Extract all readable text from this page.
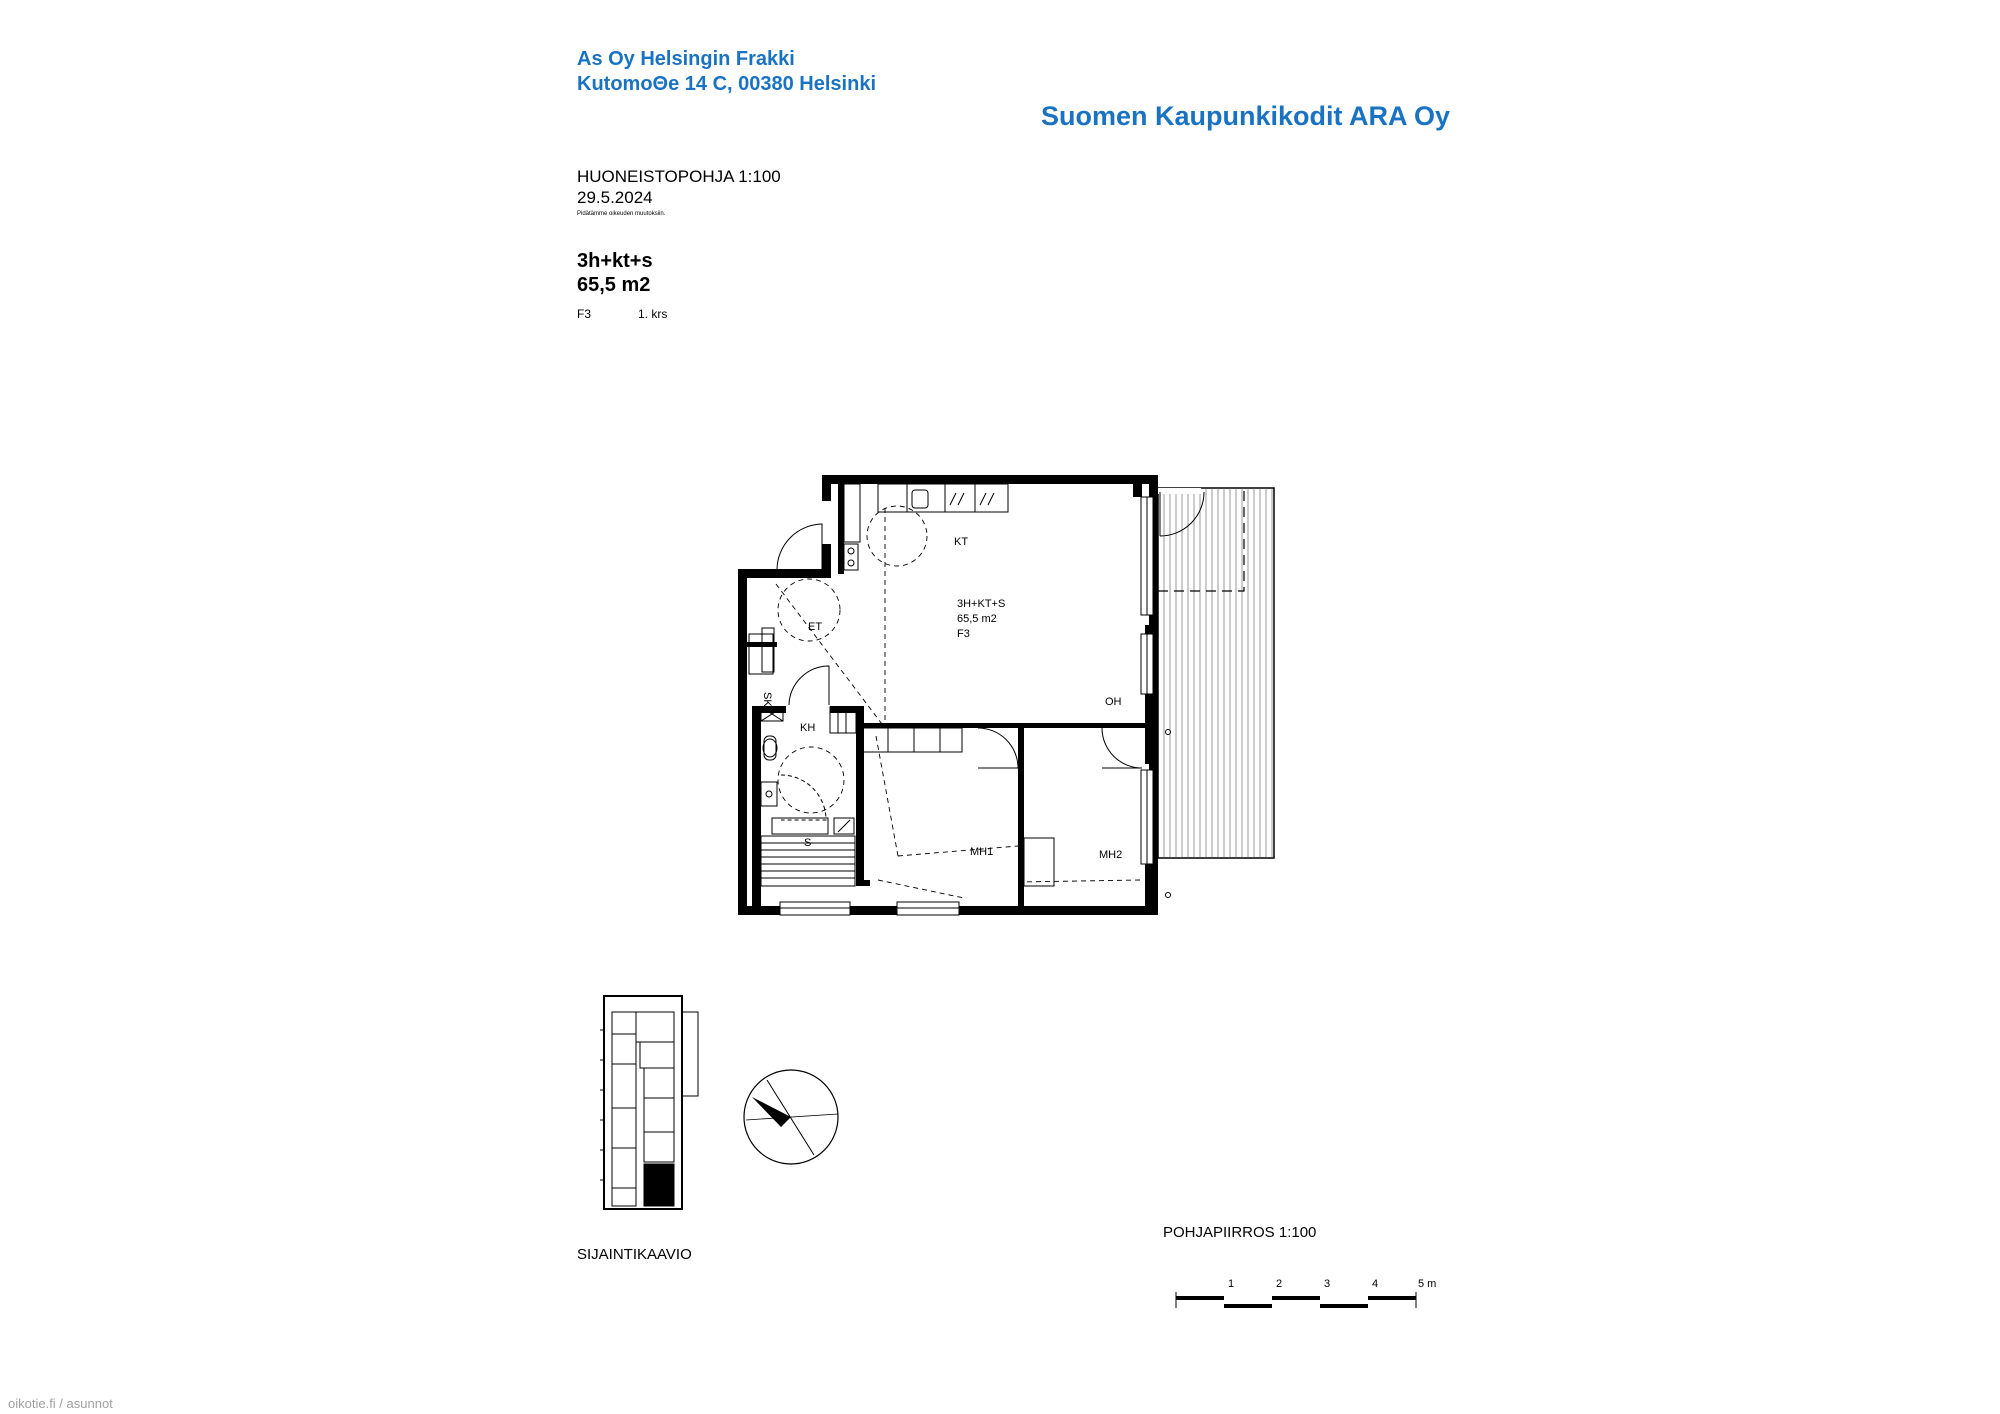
As Oy Helsingin Frakki
KutomoΘe 14 C, 00380 Helsinki
Suomen Kaupunkikodit ARA Oy
HUONEISTOPOHJA 1:100
29.5.2024
Pidätämme oikeuden muutoksiin.
3h+kt+s
65,5 m2
F3	1. krs
SIJAINTIKAAVIO
POHJAPIIRROS 1:100
KT
ET
KH
S
OH
MH1	MH2
SK
3H+KT+S
65,5 m2
F3
1	2	3	4	5 m
oikotie.fi / asunnot
